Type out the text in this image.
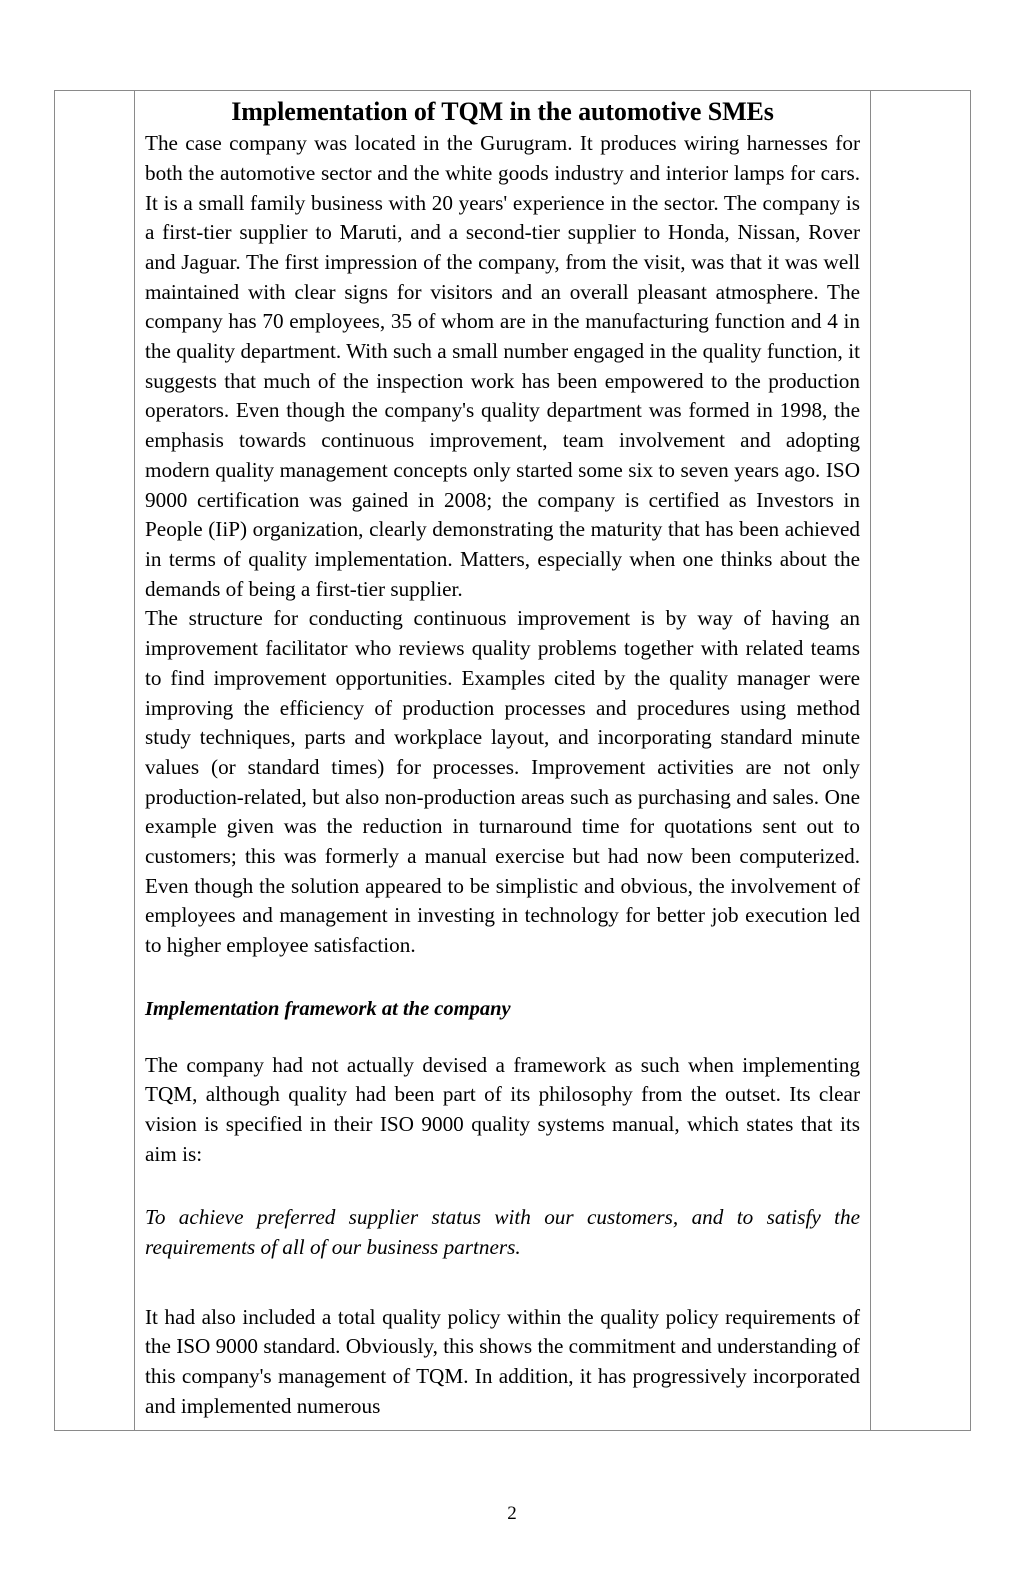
Implementation of TQM in the automotive SMEs

The case company was located in the Gurugram. It produces wiring harnesses for both the automotive sector and the white goods industry and interior lamps for cars. It is a small family business with 20 years' experience in the sector. The company is a first-tier supplier to Maruti, and a second-tier supplier to Honda, Nissan, Rover and Jaguar. The first impression of the company, from the visit, was that it was well maintained with clear signs for visitors and an overall pleasant atmosphere. The company has 70 employees, 35 of whom are in the manufacturing function and 4 in the quality department. With such a small number engaged in the quality function, it suggests that much of the inspection work has been empowered to the production operators. Even though the company's quality department was formed in 1998, the emphasis towards continuous improvement, team involvement and adopting modern quality management concepts only started some six to seven years ago. ISO 9000 certification was gained in 2008; the company is certified as Investors in People (IiP) organization, clearly demonstrating the maturity that has been achieved in terms of quality implementation. Matters, especially when one thinks about the demands of being a first-tier supplier.

The structure for conducting continuous improvement is by way of having an improvement facilitator who reviews quality problems together with related teams to find improvement opportunities. Examples cited by the quality manager were improving the efficiency of production processes and procedures using method study techniques, parts and workplace layout, and incorporating standard minute values (or standard times) for processes. Improvement activities are not only production-related, but also non-production areas such as purchasing and sales. One example given was the reduction in turnaround time for quotations sent out to customers; this was formerly a manual exercise but had now been computerized. Even though the solution appeared to be simplistic and obvious, the involvement of employees and management in investing in technology for better job execution led to higher employee satisfaction.

Implementation framework at the company

The company had not actually devised a framework as such when implementing TQM, although quality had been part of its philosophy from the outset. Its clear vision is specified in their ISO 9000 quality systems manual, which states that its aim is:

To achieve preferred supplier status with our customers, and to satisfy the requirements of all of our business partners.

It had also included a total quality policy within the quality policy requirements of the ISO 9000 standard. Obviously, this shows the commitment and understanding of this company's management of TQM. In addition, it has progressively incorporated and implemented numerous

2
